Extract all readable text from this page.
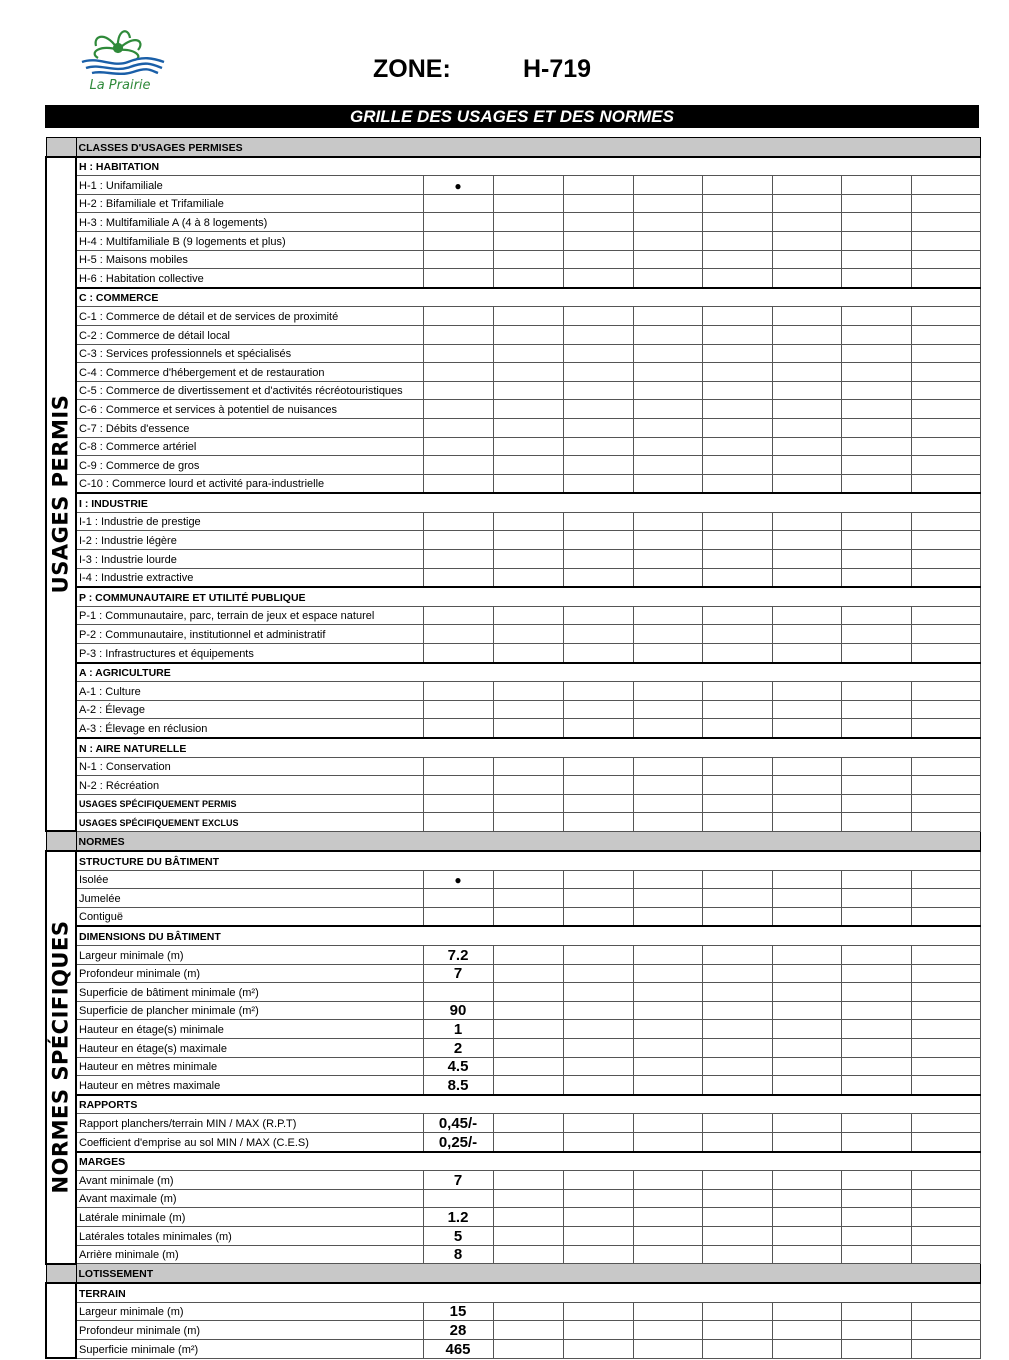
La Prairie
ZONE:	H-719
GRILLE DES USAGES ET DES NORMES
	CLASSES D'USAGES PERMISES								

USAGES PERMIS	H : HABITATION								
	H-1 : Unifamiliale	●							
	H-2 : Bifamiliale et Trifamiliale								
	H-3 : Multifamiliale A (4 à 8 logements)								
	H-4 : Multifamiliale B (9 logements et plus)								
	H-5 : Maisons mobiles								
	H-6 : Habitation collective								
	C : COMMERCE								
	C-1 : Commerce de détail et de services de proximité								
	C-2 : Commerce de détail local								
	C-3 : Services professionnels et spécialisés								
	C-4 : Commerce d'hébergement et de restauration								
	C-5 : Commerce de divertissement et d'activités récréotouristiques								
	C-6 : Commerce et services à potentiel de nuisances								
	C-7 : Débits d'essence								
	C-8 : Commerce artériel								
	C-9 : Commerce de gros								
	C-10 : Commerce lourd et activité para-industrielle								
	I : INDUSTRIE								
	I-1 : Industrie de prestige								
	I-2 : Industrie légère								
	I-3 : Industrie lourde								
	I-4 : Industrie extractive								
	P : COMMUNAUTAIRE ET UTILITÉ PUBLIQUE								
	P-1 : Communautaire, parc, terrain de jeux et espace naturel								
	P-2 : Communautaire, institutionnel et administratif								
	P-3 : Infrastructures et équipements								
	A : AGRICULTURE								
	A-1 : Culture								
	A-2 : Élevage								
	A-3 : Élevage en réclusion								
	N : AIRE NATURELLE								
	N-1 : Conservation								
	N-2 : Récréation								
	USAGES SPÉCIFIQUEMENT PERMIS								
	USAGES SPÉCIFIQUEMENT EXCLUS								
	NORMES								

NORMES SPÉCIFIQUES	STRUCTURE DU BÂTIMENT								
	Isolée	●							
	Jumelée								
	Contiguë								
	DIMENSIONS DU BÂTIMENT								
	Largeur minimale (m)	7.2							
	Profondeur minimale (m)	7							
	Superficie de bâtiment minimale (m²)								
	Superficie de plancher minimale (m²)	90							
	Hauteur en étage(s) minimale	1							
	Hauteur en étage(s) maximale	2							
	Hauteur en mètres minimale	4.5							
	Hauteur en mètres maximale	8.5							
	RAPPORTS								
	Rapport planchers/terrain MIN / MAX (R.P.T)	0,45/-							
	Coefficient d'emprise au sol MIN / MAX (C.E.S)	0,25/-							
	MARGES								
	Avant minimale (m)	7							
	Avant maximale (m)								
	Latérale minimale (m)	1.2							
	Latérales totales minimales (m)	5							
	Arrière minimale (m)	8							
	LOTISSEMENT								
	TERRAIN								
	Largeur minimale (m)	15							
	Profondeur minimale (m)	28							
	Superficie minimale (m²)	465							
